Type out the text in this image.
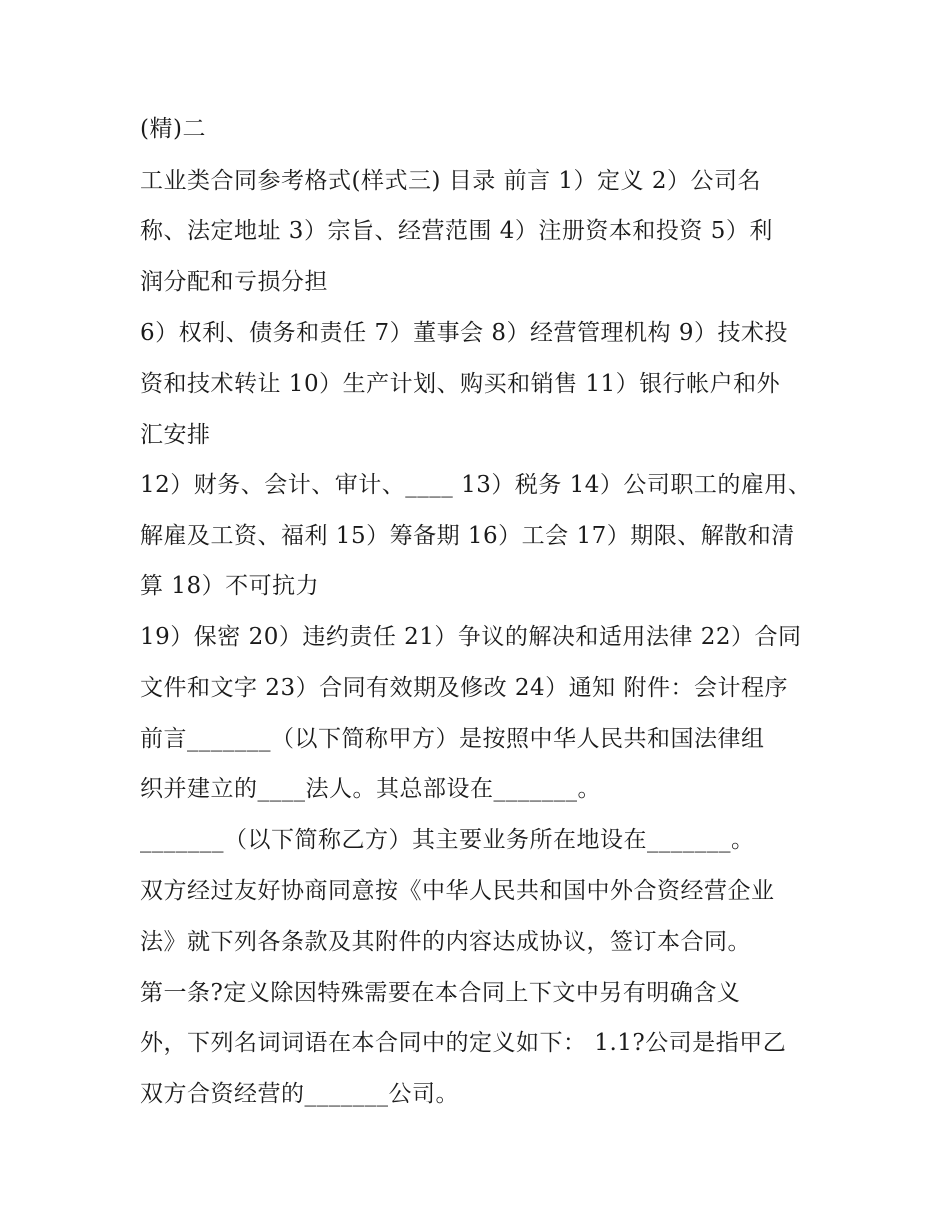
(精)二
工业类合同参考格式(样式三) 目录 前言 1）定义 2）公司名
称、法定地址 3）宗旨、经营范围 4）注册资本和投资 5）利
润分配和亏损分担
6）权利、债务和责任 7）董事会 8）经营管理机构 9）技术投
资和技术转让 10）生产计划、购买和销售 11）银行帐户和外
汇安排
12）财务、会计、审计、____ 13）税务 14）公司职工的雇用、
解雇及工资、福利 15）筹备期 16）工会 17）期限、解散和清
算 18）不可抗力
19）保密 20）违约责任 21）争议的解决和适用法律 22）合同
文件和文字 23）合同有效期及修改 24）通知 附件：会计程序
前言_______（以下简称甲方）是按照中华人民共和国法律组
织并建立的____法人。其总部设在_______。
_______（以下简称乙方）其主要业务所在地设在_______。
双方经过友好协商同意按《中华人民共和国中外合资经营企业
法》就下列各条款及其附件的内容达成协议，签订本合同。
第一条?定义除因特殊需要在本合同上下文中另有明确含义
外，下列名词词语在本合同中的定义如下： 1.1?公司是指甲乙
双方合资经营的_______公司。
